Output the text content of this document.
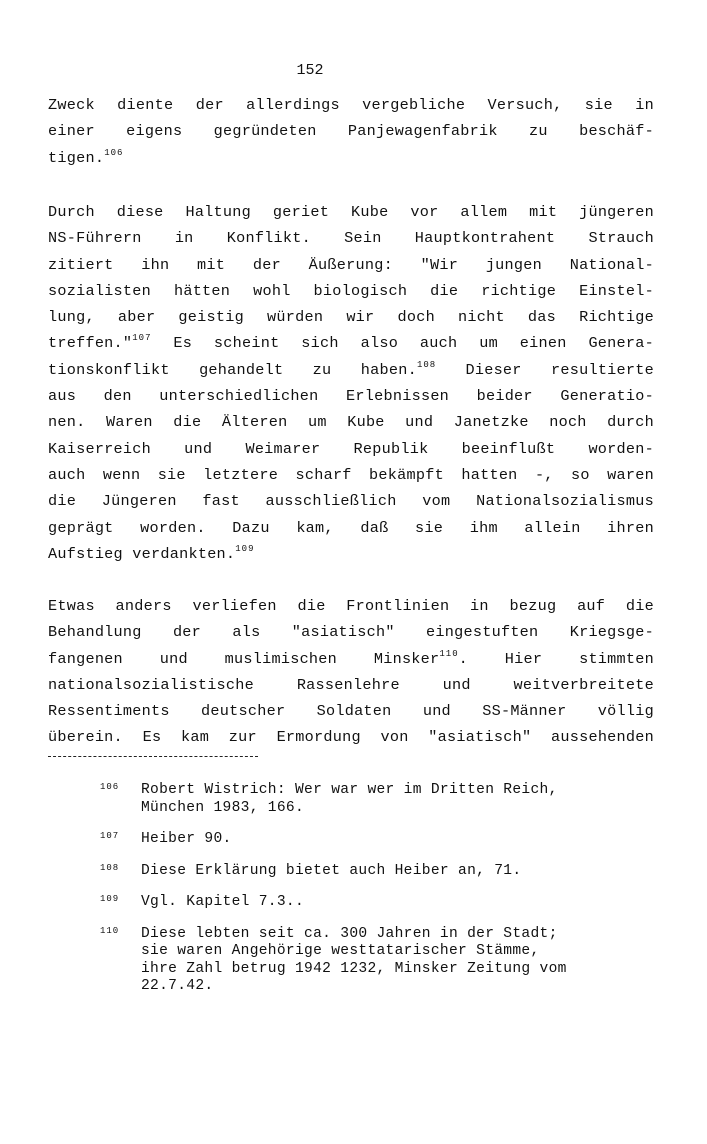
152
Zweck diente der allerdings vergebliche Versuch, sie in
einer eigens gegründeten Panjewagenfabrik zu beschäf-
tigen.$^{106}$
Durch diese Haltung geriet Kube vor allem mit jüngeren
NS-Führern in Konflikt. Sein Hauptkontrahent Strauch
zitiert ihn mit der Äußerung: "Wir jungen National-
sozialisten hätten wohl biologisch die richtige Einstel-
lung, aber geistig würden wir doch nicht das Richtige
treffen."$^{107}$ Es scheint sich also auch um einen Genera-
tionskonflikt gehandelt zu haben.$^{108}$ Dieser resultierte
aus den unterschiedlichen Erlebnissen beider Generatio-
nen. Waren die Älteren um Kube und Janetzke noch durch
Kaiserreich und Weimarer Republik beeinflußt worden-
auch wenn sie letztere scharf bekämpft hatten -, so waren
die Jüngeren fast ausschließlich vom Nationalsozialismus
geprägt worden. Dazu kam, daß sie ihm allein ihren
Aufstieg verdankten.$^{109}$
Etwas anders verliefen die Frontlinien in bezug auf die
Behandlung der als "asiatisch" eingestuften Kriegsge-
fangenen und muslimischen Minsker$^{110}$. Hier stimmten
nationalsozialistische Rassenlehre und weitverbreitete
Ressentiments deutscher Soldaten und SS-Männer völlig
überein. Es kam zur Ermordung von "asiatisch" aussehenden
106 Robert Wistrich: Wer war wer im Dritten Reich,
München 1983, 166.
107 Heiber 90.
108 Diese Erklärung bietet auch Heiber an, 71.
109 Vgl. Kapitel 7.3..
110 Diese lebten seit ca. 300 Jahren in der Stadt;
sie waren Angehörige westtatarischer Stämme,
ihre Zahl betrug 1942 1232, Minsker Zeitung vom
22.7.42.
